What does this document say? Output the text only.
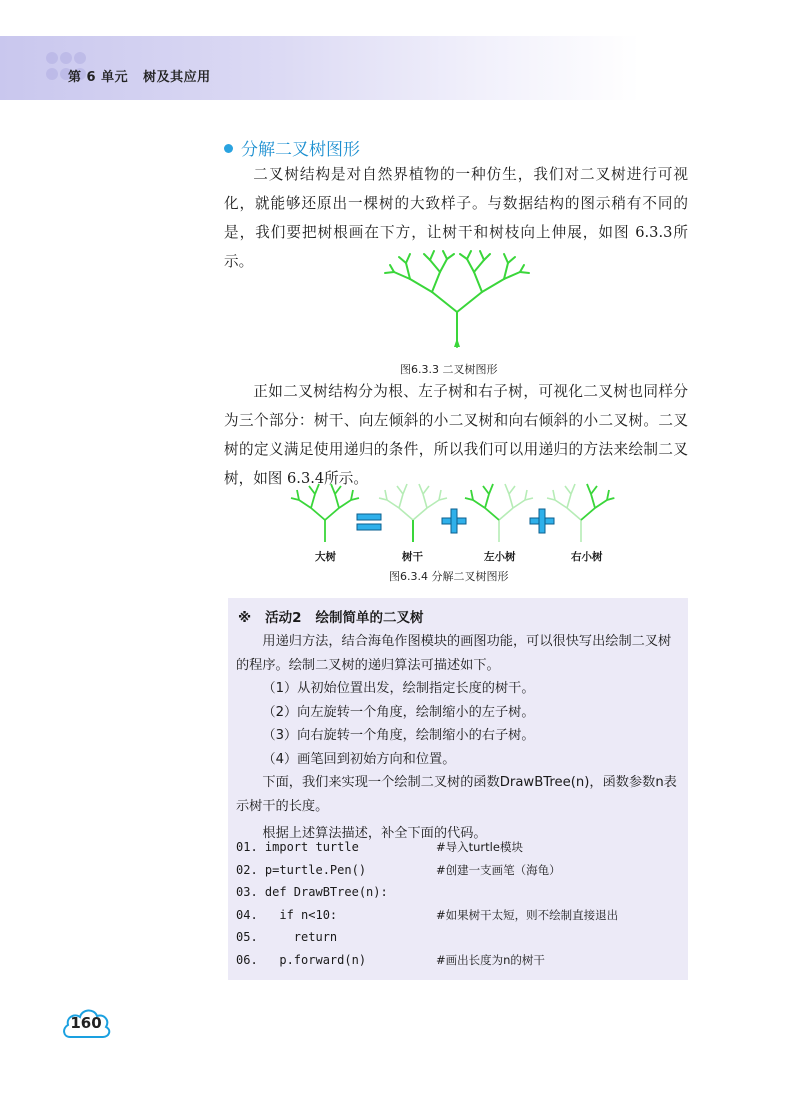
第 6 单元 树及其应用
分解二叉树图形

二叉树结构是对自然界植物的一种仿生，我们对二叉树进行可视化，就能够还原出一棵树的大致样子。与数据结构的图示稍有不同的是，我们要把树根画在下方，让树干和树枝向上伸展，如图 6.3.3所示。

图6.3.3 二叉树图形

正如二叉树结构分为根、左子树和右子树，可视化二叉树也同样分为三个部分：树干、向左倾斜的小二叉树和向右倾斜的小二叉树。二叉树的定义满足使用递归的条件，所以我们可以用递归的方法来绘制二叉树，如图 6.3.4所示。

大树	树干	左小树	右小树
图6.3.4 分解二叉树图形
※ 活动2 绘制简单的二叉树

用递归方法，结合海龟作图模块的画图功能，可以很快写出绘制二叉树的程序。绘制二叉树的递归算法可描述如下。

（1）从初始位置出发，绘制指定长度的树干。

（2）向左旋转一个角度，绘制缩小的左子树。

（3）向右旋转一个角度，绘制缩小的右子树。

（4）画笔回到初始方向和位置。

下面，我们来实现一个绘制二叉树的函数DrawBTree(n)，函数参数n表示树干的长度。

根据上述算法描述，补全下面的代码。

01. import turtle	#导入turtle模块
02. p=turtle.Pen()	#创建一支画笔（海龟）
03. def DrawBTree(n):
04.   if n<10:	#如果树干太短，则不绘制直接退出
05.     return
06.   p.forward(n)	#画出长度为n的树干
160
